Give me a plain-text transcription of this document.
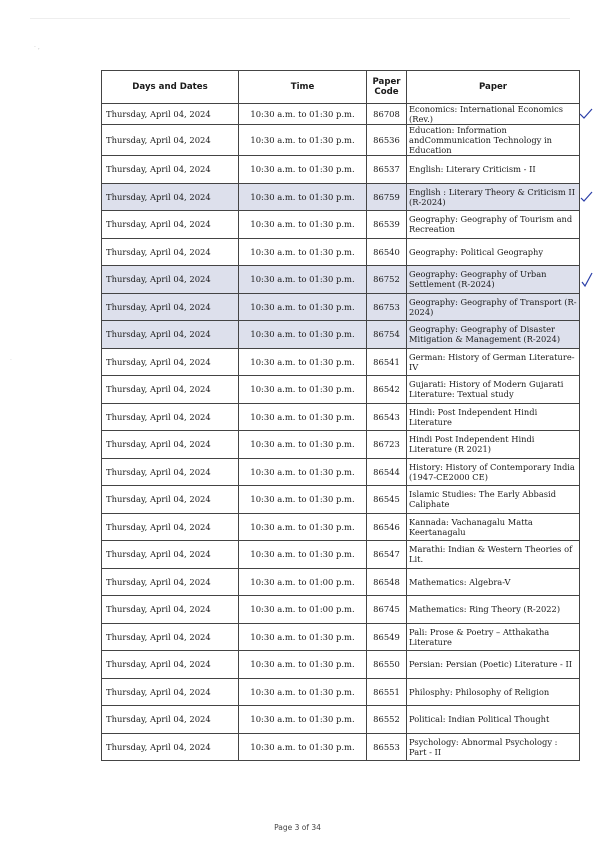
· ,
·
Days and Dates	Time	Paper Code	Paper
Thursday, April 04, 2024	10:30 a.m. to 01:30 p.m.	86708	Economics: International Economics (Rev.)
Thursday, April 04, 2024	10:30 a.m. to 01:30 p.m.	86536	Education: Information andCommunication Technology in Education
Thursday, April 04, 2024	10:30 a.m. to 01:30 p.m.	86537	English: Literary Criticism - II
Thursday, April 04, 2024	10:30 a.m. to 01:30 p.m.	86759	English : Literary Theory & Criticism II (R-2024)
Thursday, April 04, 2024	10:30 a.m. to 01:30 p.m.	86539	Geography: Geography of Tourism and Recreation
Thursday, April 04, 2024	10:30 a.m. to 01:30 p.m.	86540	Geography: Political Geography
Thursday, April 04, 2024	10:30 a.m. to 01:30 p.m.	86752	Geography: Geography of Urban Settlement (R-2024)
Thursday, April 04, 2024	10:30 a.m. to 01:30 p.m.	86753	Geography: Geography of Transport (R-2024)
Thursday, April 04, 2024	10:30 a.m. to 01:30 p.m.	86754	Geography: Geography of Disaster Mitigation & Management (R-2024)
Thursday, April 04, 2024	10:30 a.m. to 01:30 p.m.	86541	German: History of German Literature- IV
Thursday, April 04, 2024	10:30 a.m. to 01:30 p.m.	86542	Gujarati: History of Modern Gujarati Literature: Textual study
Thursday, April 04, 2024	10:30 a.m. to 01:30 p.m.	86543	Hindi: Post Independent Hindi Literature
Thursday, April 04, 2024	10:30 a.m. to 01:30 p.m.	86723	Hindi Post Independent Hindi Literature (R 2021)
Thursday, April 04, 2024	10:30 a.m. to 01:30 p.m.	86544	History: History of Contemporary India (1947-CE2000 CE)
Thursday, April 04, 2024	10:30 a.m. to 01:30 p.m.	86545	Islamic Studies: The Early Abbasid Caliphate
Thursday, April 04, 2024	10:30 a.m. to 01:30 p.m.	86546	Kannada: Vachanagalu Matta Keertanagalu
Thursday, April 04, 2024	10:30 a.m. to 01:30 p.m.	86547	Marathi: Indian & Western Theories of Lit.
Thursday, April 04, 2024	10:30 a.m. to 01:00 p.m.	86548	Mathematics: Algebra-V
Thursday, April 04, 2024	10:30 a.m. to 01:00 p.m.	86745	Mathematics: Ring Theory (R-2022)
Thursday, April 04, 2024	10:30 a.m. to 01:30 p.m.	86549	Pali: Prose & Poetry – Atthakatha Literature
Thursday, April 04, 2024	10:30 a.m. to 01:30 p.m.	86550	Persian: Persian (Poetic) Literature - II
Thursday, April 04, 2024	10:30 a.m. to 01:30 p.m.	86551	Philosphy: Philosophy of Religion
Thursday, April 04, 2024	10:30 a.m. to 01:30 p.m.	86552	Political: Indian Political Thought
Thursday, April 04, 2024	10:30 a.m. to 01:30 p.m.	86553	Psychology: Abnormal Psychology : Part - II
Page 3 of 34
